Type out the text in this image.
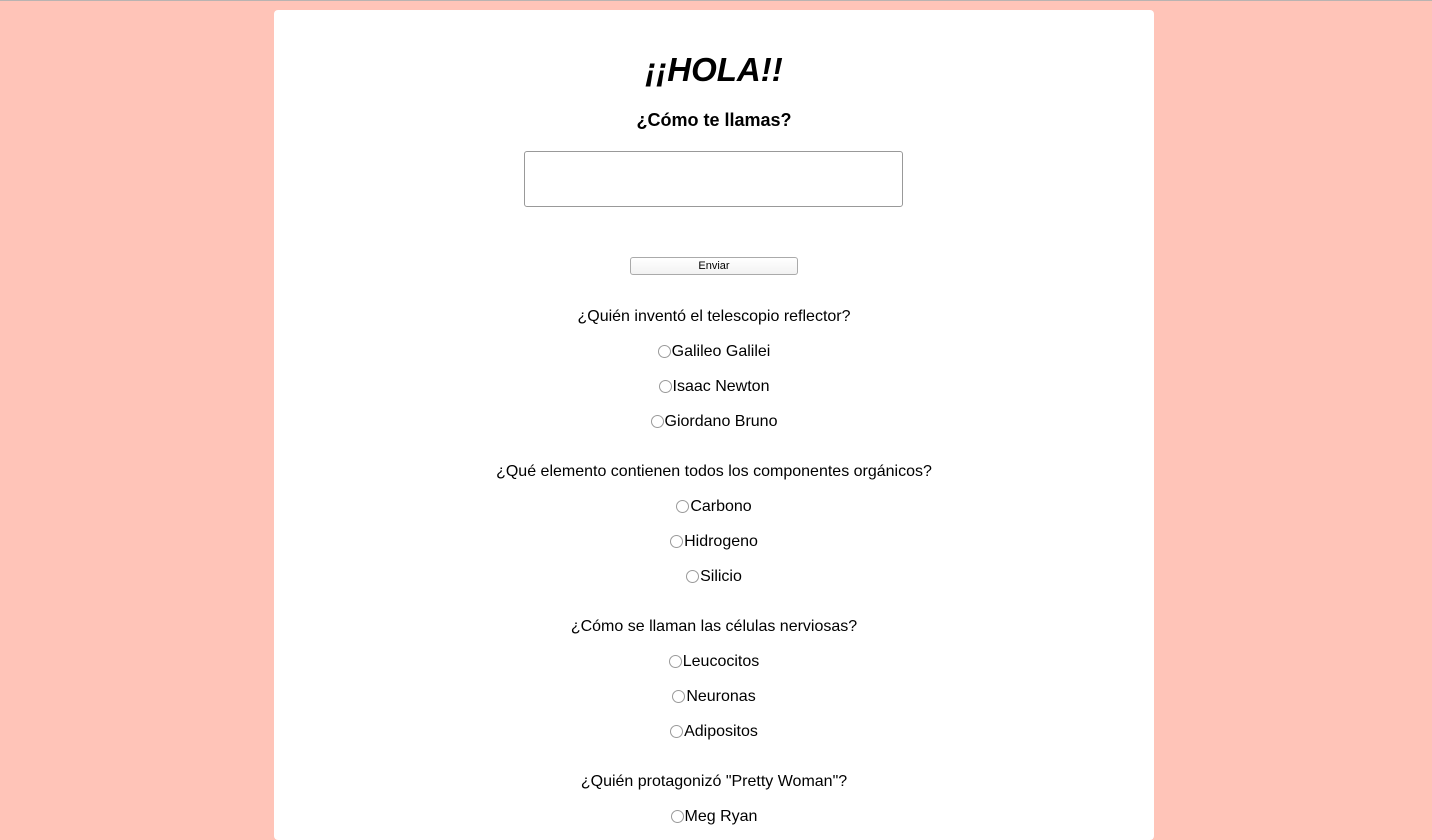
¡¡HOLA!!
¿Cómo te llamas?
Enviar

¿Quién inventó el telescopio reflector?

Galileo Galilei
Isaac Newton
Giordano Bruno

¿Qué elemento contienen todos los componentes orgánicos?

Carbono
Hidrogeno
Silicio

¿Cómo se llaman las células nerviosas?

Leucocitos
Neuronas
Adipositos

¿Quién protagonizó "Pretty Woman"?

Meg Ryan
